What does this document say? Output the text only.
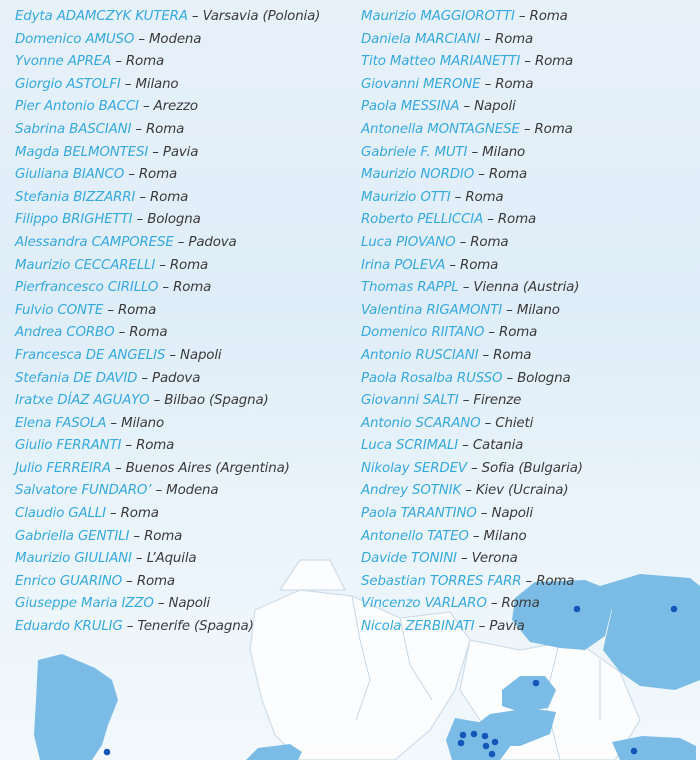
Edyta ADAMCZYK KUTERA – Varsavia (Polonia)
Domenico AMUSO – Modena
Yvonne APREA – Roma
Giorgio ASTOLFI – Milano
Pier Antonio BACCI – Arezzo
Sabrina BASCIANI – Roma
Magda BELMONTESI – Pavia
Giuliana BIANCO – Roma
Stefania BIZZARRI – Roma
Filippo BRIGHETTI – Bologna
Alessandra CAMPORESE – Padova
Maurizio CECCARELLI – Roma
Pierfrancesco CIRILLO – Roma
Fulvio CONTE – Roma
Andrea CORBO – Roma
Francesca DE ANGELIS – Napoli
Stefania DE DAVID – Padova
Iratxe DÍAZ AGUAYO – Bilbao (Spagna)
Elena FASOLA – Milano
Giulio FERRANTI – Roma
Julio FERREIRA – Buenos Aires (Argentina)
Salvatore FUNDARO’ – Modena
Claudio GALLI – Roma
Gabriella GENTILI – Roma
Maurizio GIULIANI – L’Aquila
Enrico GUARINO – Roma
Giuseppe Maria IZZO – Napoli
Eduardo KRULIG – Tenerife (Spagna)
Maurizio MAGGIOROTTI – Roma
Daniela MARCIANI – Roma
Tito Matteo MARIANETTI – Roma
Giovanni MERONE – Roma
Paola MESSINA – Napoli
Antonella MONTAGNESE – Roma
Gabriele F. MUTI – Milano
Maurizio NORDIO – Roma
Maurizio OTTI – Roma
Roberto PELLICCIA – Roma
Luca PIOVANO – Roma
Irina POLEVA – Roma
Thomas RAPPL – Vienna (Austria)
Valentina RIGAMONTI – Milano
Domenico RIITANO – Roma
Antonio RUSCIANI – Roma
Paola Rosalba RUSSO – Bologna
Giovanni SALTI – Firenze
Antonio SCARANO – Chieti
Luca SCRIMALI – Catania
Nikolay SERDEV – Sofia (Bulgaria)
Andrey SOTNIK – Kiev (Ucraina)
Paola TARANTINO – Napoli
Antonello TATEO – Milano
Davide TONINI – Verona
Sebastian TORRES FARR – Roma
Vincenzo VARLARO – Roma
Nicola ZERBINATI – Pavia
